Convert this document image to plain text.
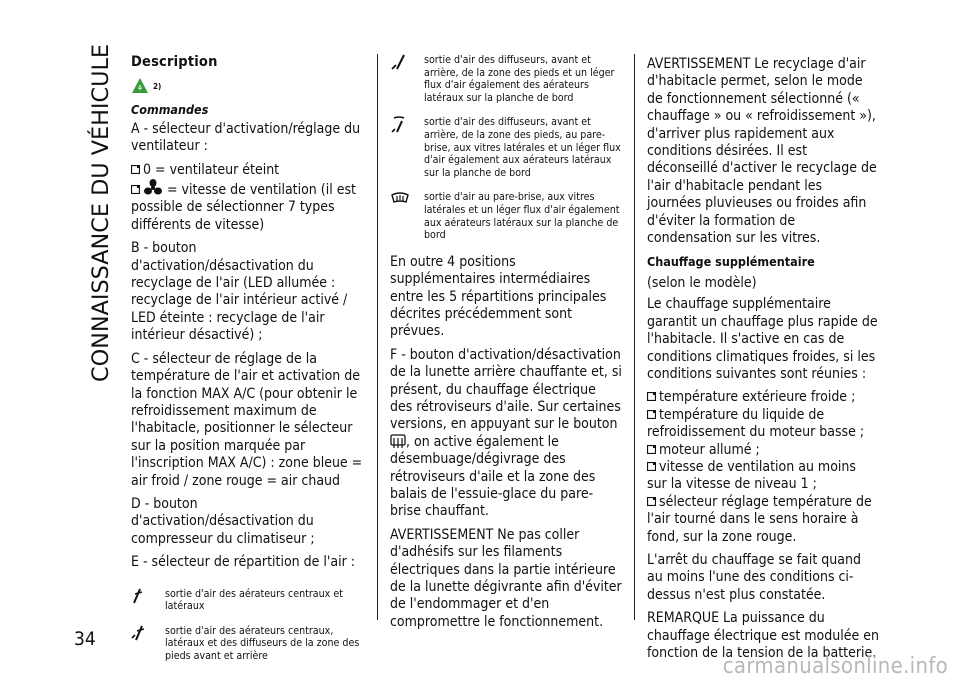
CONNAISSANCE DU VÉHICULE
Description
⚘ 2)
Commandes

A - sélecteur d'activation/réglage du ventilateur :

0 = ventilateur éteint

= vitesse de ventilation (il est possible de sélectionner 7 types différents de vitesse)

B - bouton d'activation/désactivation du recyclage de l'air (LED allumée : recyclage de l'air intérieur activé / LED éteinte : recyclage de l'air intérieur désactivé) ;

C - sélecteur de réglage de la température de l'air et activation de la fonction MAX A/C (pour obtenir le refroidissement maximum de l'habitacle, positionner le sélecteur sur la position marquée par l'inscription MAX A/C) : zone bleue = air froid / zone rouge = air chaud

D - bouton d'activation/désactivation du compresseur du climatiseur ;

E - sélecteur de répartition de l'air :

sortie d'air des aérateurs centraux et latéraux
sortie d'air des aérateurs centraux, latéraux et des diffuseurs de la zone des pieds avant et arrière
sortie d'air des diffuseurs, avant et arrière, de la zone des pieds et un léger flux d'air également des aérateurs latéraux sur la planche de bord
sortie d'air des diffuseurs, avant et arrière, de la zone des pieds, au pare-brise, aux vitres latérales et un léger flux d'air également aux aérateurs latéraux sur la planche de bord
sortie d'air au pare-brise, aux vitres latérales et un léger flux d'air également aux aérateurs latéraux sur la planche de bord

En outre 4 positions supplémentaires intermédiaires entre les 5 répartitions principales décrites précédemment sont prévues.

F - bouton d'activation/désactivation de la lunette arrière chauffante et, si présent, du chauffage électrique des rétroviseurs d'aile. Sur certaines versions, en appuyant sur le bouton , on active également le désembuage/dégivrage des rétroviseurs d'aile et la zone des balais de l'essuie-glace du pare-brise chauffant.

AVERTISSEMENT Ne pas coller d'adhésifs sur les filaments électriques dans la partie intérieure de la lunette dégivrante afin d'éviter de l'endommager et d'en compromettre le fonctionnement.

AVERTISSEMENT Le recyclage d'air d'habitacle permet, selon le mode de fonctionnement sélectionné (« chauffage » ou « refroidissement »), d'arriver plus rapidement aux conditions désirées. Il est déconseillé d'activer le recyclage de l'air d'habitacle pendant les journées pluvieuses ou froides afin d'éviter la formation de condensation sur les vitres.

Chauffage supplémentaire

(selon le modèle)

Le chauffage supplémentaire garantit un chauffage plus rapide de l'habitacle. Il s'active en cas de conditions climatiques froides, si les conditions suivantes sont réunies :

température extérieure froide ;
température du liquide de refroidissement du moteur basse ;
moteur allumé ;
vitesse de ventilation au moins sur la vitesse de niveau 1 ;
sélecteur réglage température de l'air tourné dans le sens horaire à fond, sur la zone rouge.

L'arrêt du chauffage se fait quand au moins l'une des conditions ci-dessus n'est plus constatée.

REMARQUE La puissance du chauffage électrique est modulée en fonction de la tension de la batterie.

34
carmanualsonline.info
